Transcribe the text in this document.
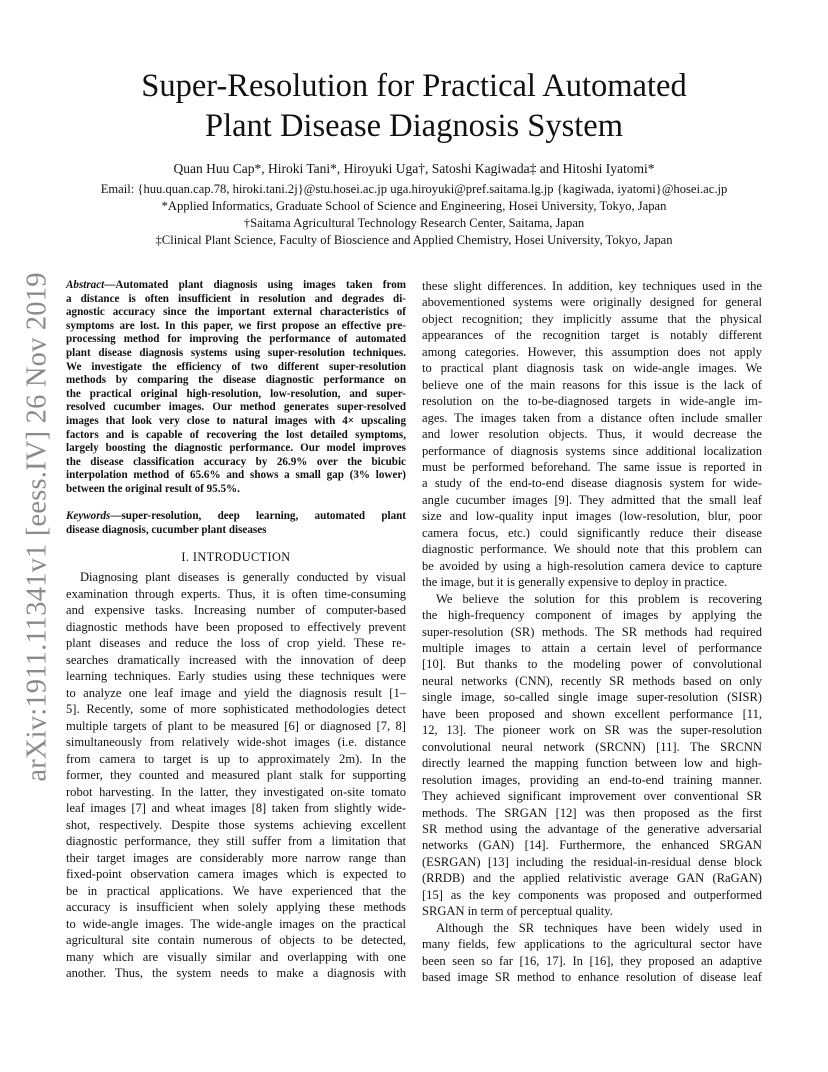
arXiv:1911.11341v1 [eess.IV] 26 Nov 2019
Super-Resolution for Practical Automated
Plant Disease Diagnosis System
Quan Huu Cap*, Hiroki Tani*, Hiroyuki Uga†, Satoshi Kagiwada‡ and Hitoshi Iyatomi*
Email: {huu.quan.cap.78, hiroki.tani.2j}@stu.hosei.ac.jp uga.hiroyuki@pref.saitama.lg.jp {kagiwada, iyatomi}@hosei.ac.jp
*Applied Informatics, Graduate School of Science and Engineering, Hosei University, Tokyo, Japan
†Saitama Agricultural Technology Research Center, Saitama, Japan
‡Clinical Plant Science, Faculty of Bioscience and Applied Chemistry, Hosei University, Tokyo, Japan
Abstract—Automated plant diagnosis using images taken from
a distance is often insufficient in resolution and degrades di-
agnostic accuracy since the important external characteristics of
symptoms are lost. In this paper, we first propose an effective pre-
processing method for improving the performance of automated
plant disease diagnosis systems using super-resolution techniques.
We investigate the efficiency of two different super-resolution
methods by comparing the disease diagnostic performance on
the practical original high-resolution, low-resolution, and super-
resolved cucumber images. Our method generates super-resolved
images that look very close to natural images with 4× upscaling
factors and is capable of recovering the lost detailed symptoms,
largely boosting the diagnostic performance. Our model improves
the disease classification accuracy by 26.9% over the bicubic
interpolation method of 65.6% and shows a small gap (3% lower)
between the original result of 95.5%.
Keywords—super-resolution, deep learning, automated plant
disease diagnosis, cucumber plant diseases
I. INTRODUCTION
Diagnosing plant diseases is generally conducted by visual
examination through experts. Thus, it is often time-consuming
and expensive tasks. Increasing number of computer-based
diagnostic methods have been proposed to effectively prevent
plant diseases and reduce the loss of crop yield. These re-
searches dramatically increased with the innovation of deep
learning techniques. Early studies using these techniques were
to analyze one leaf image and yield the diagnosis result [1–
5]. Recently, some of more sophisticated methodologies detect
multiple targets of plant to be measured [6] or diagnosed [7, 8]
simultaneously from relatively wide-shot images (i.e. distance
from camera to target is up to approximately 2m). In the
former, they counted and measured plant stalk for supporting
robot harvesting. In the latter, they investigated on-site tomato
leaf images [7] and wheat images [8] taken from slightly wide-
shot, respectively. Despite those systems achieving excellent
diagnostic performance, they still suffer from a limitation that
their target images are considerably more narrow range than
fixed-point observation camera images which is expected to
be in practical applications. We have experienced that the
accuracy is insufficient when solely applying these methods
to wide-angle images. The wide-angle images on the practical
agricultural site contain numerous of objects to be detected,
many which are visually similar and overlapping with one
another. Thus, the system needs to make a diagnosis with
these slight differences. In addition, key techniques used in the
abovementioned systems were originally designed for general
object recognition; they implicitly assume that the physical
appearances of the recognition target is notably different
among categories. However, this assumption does not apply
to practical plant diagnosis task on wide-angle images. We
believe one of the main reasons for this issue is the lack of
resolution on the to-be-diagnosed targets in wide-angle im-
ages. The images taken from a distance often include smaller
and lower resolution objects. Thus, it would decrease the
performance of diagnosis systems since additional localization
must be performed beforehand. The same issue is reported in
a study of the end-to-end disease diagnosis system for wide-
angle cucumber images [9]. They admitted that the small leaf
size and low-quality input images (low-resolution, blur, poor
camera focus, etc.) could significantly reduce their disease
diagnostic performance. We should note that this problem can
be avoided by using a high-resolution camera device to capture
the image, but it is generally expensive to deploy in practice.
We believe the solution for this problem is recovering
the high-frequency component of images by applying the
super-resolution (SR) methods. The SR methods had required
multiple images to attain a certain level of performance
[10]. But thanks to the modeling power of convolutional
neural networks (CNN), recently SR methods based on only
single image, so-called single image super-resolution (SISR)
have been proposed and shown excellent performance [11,
12, 13]. The pioneer work on SR was the super-resolution
convolutional neural network (SRCNN) [11]. The SRCNN
directly learned the mapping function between low and high-
resolution images, providing an end-to-end training manner.
They achieved significant improvement over conventional SR
methods. The SRGAN [12] was then proposed as the first
SR method using the advantage of the generative adversarial
networks (GAN) [14]. Furthermore, the enhanced SRGAN
(ESRGAN) [13] including the residual-in-residual dense block
(RRDB) and the applied relativistic average GAN (RaGAN)
[15] as the key components was proposed and outperformed
SRGAN in term of perceptual quality.
Although the SR techniques have been widely used in
many fields, few applications to the agricultural sector have
been seen so far [16, 17]. In [16], they proposed an adaptive
based image SR method to enhance resolution of disease leaf
